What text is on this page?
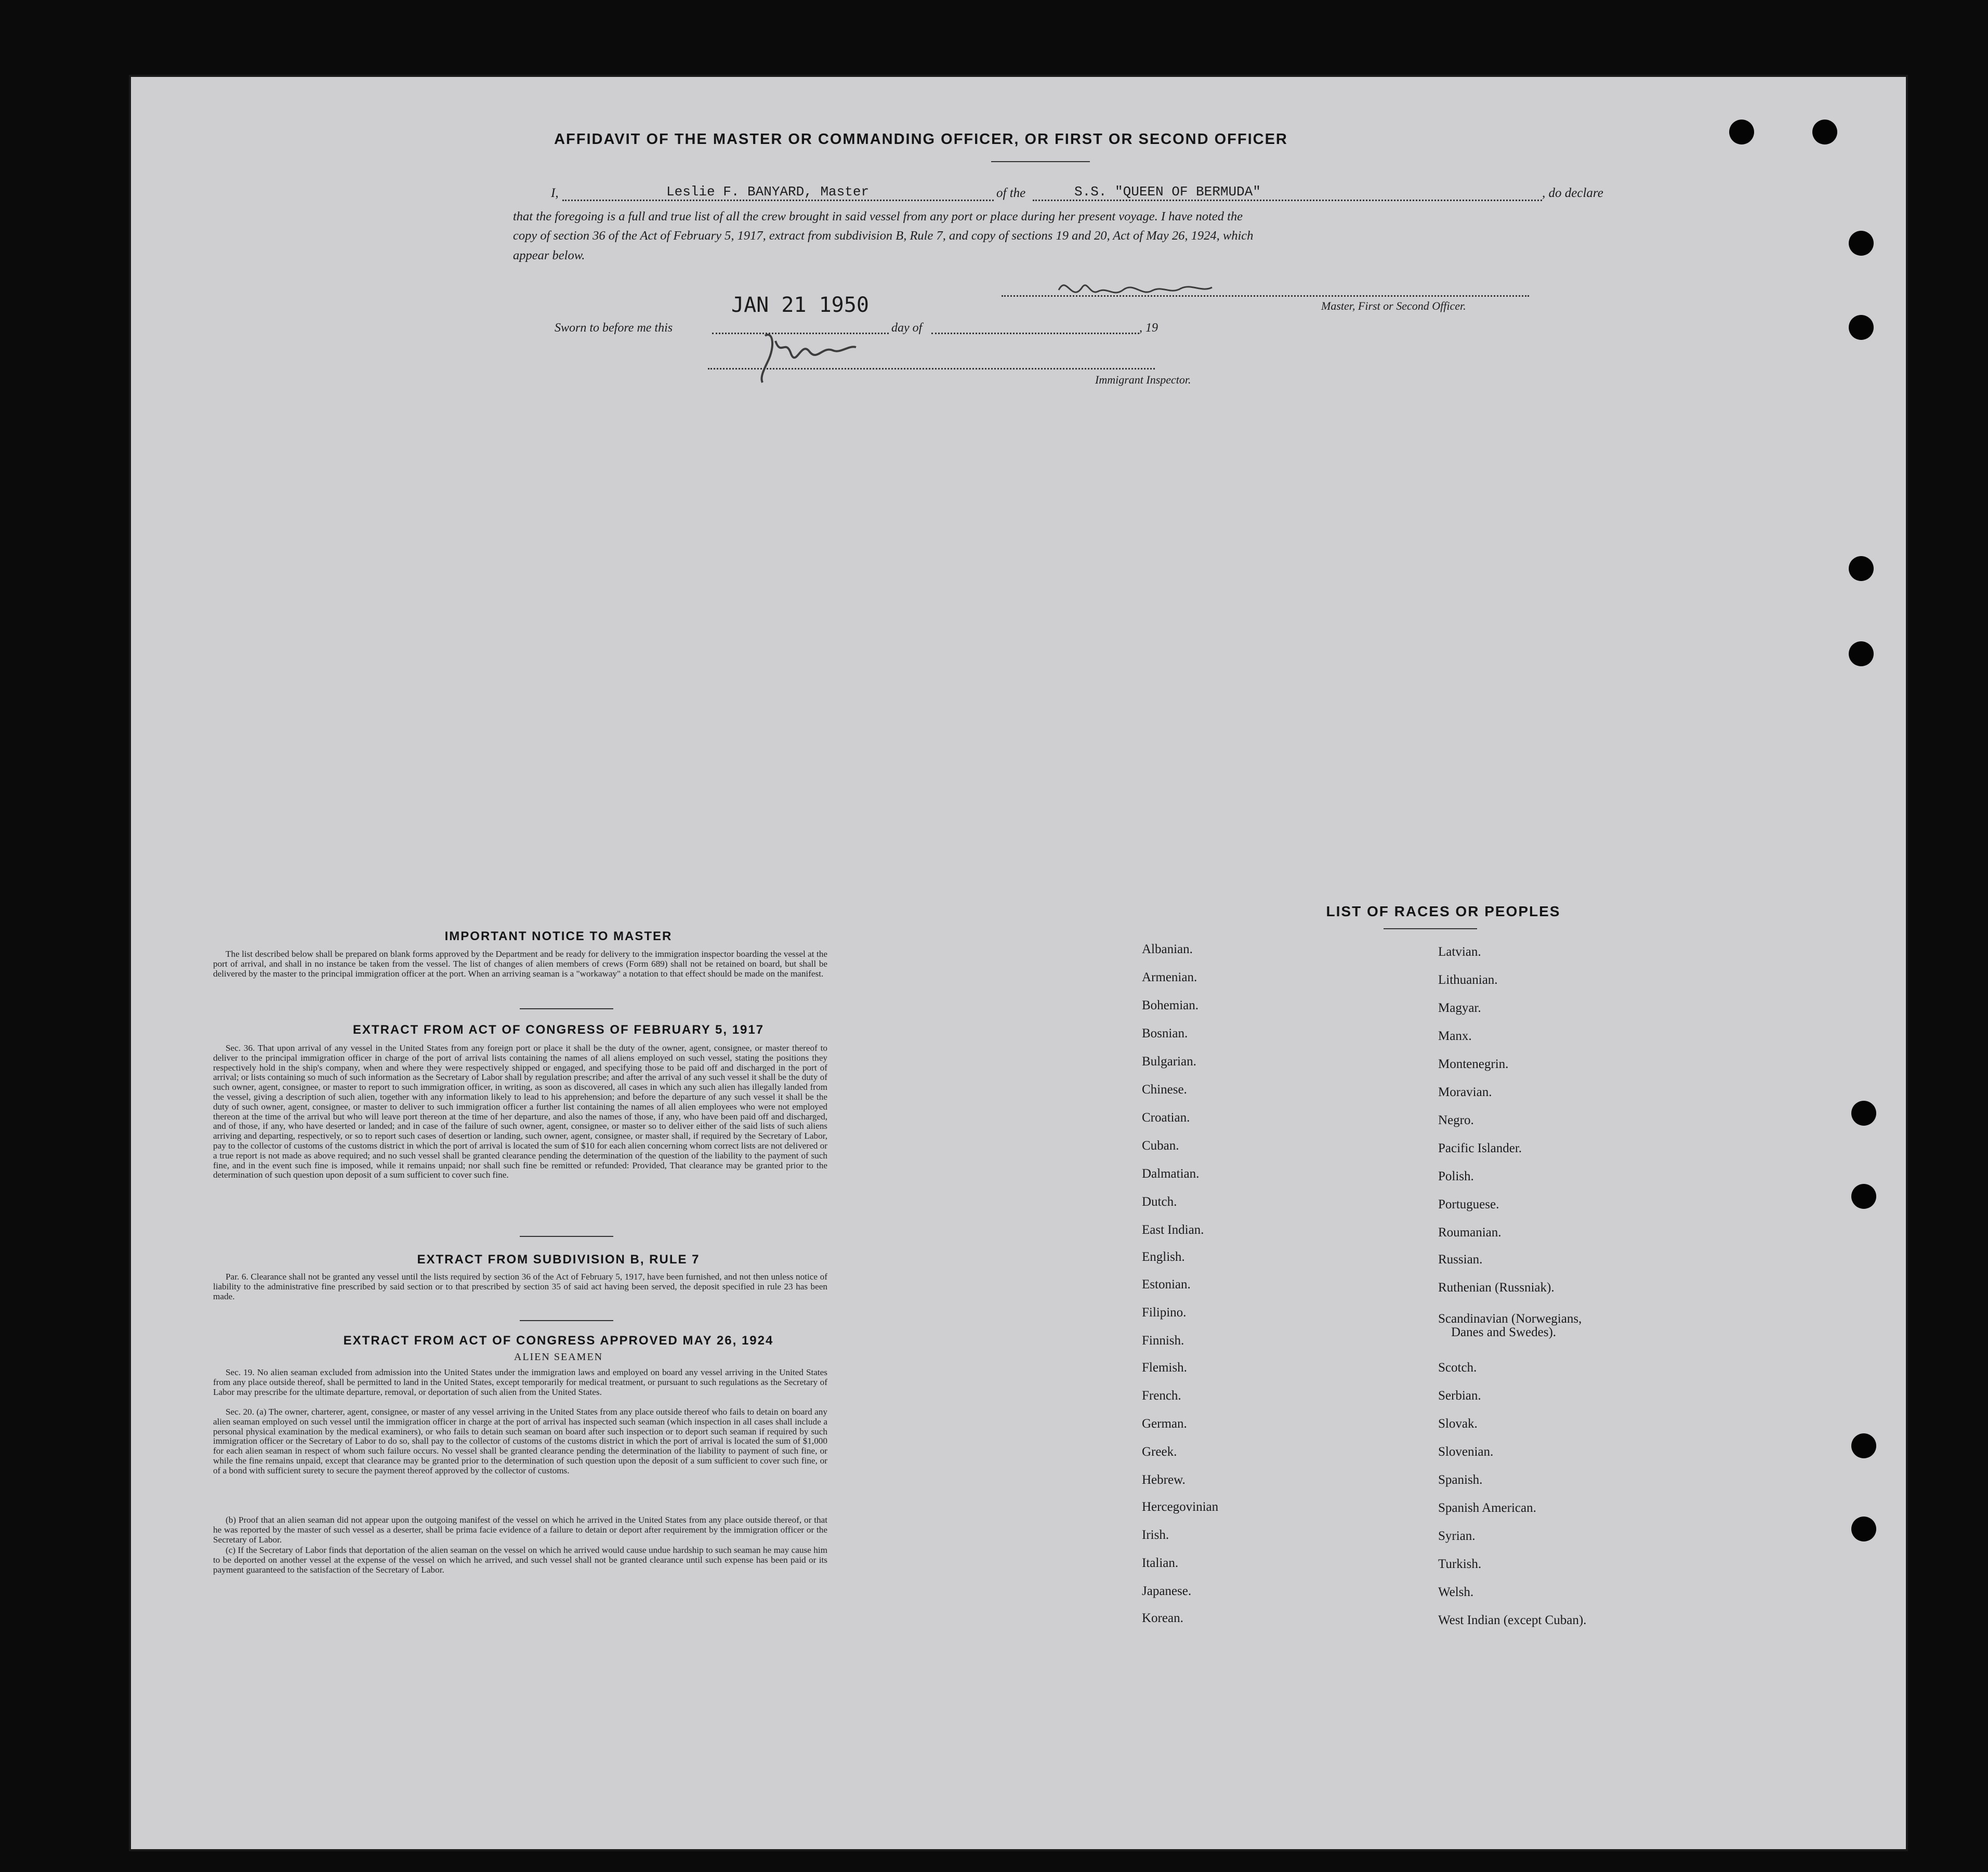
AFFIDAVIT OF THE MASTER OR COMMANDING OFFICER, OR FIRST OR SECOND OFFICER
I,	Leslie F. BANYARD, Master	of the	S.S. "QUEEN OF BERMUDA"	, do declare
that the foregoing is a full and true list of all the crew brought in said vessel from any port or place during her present voyage. I have noted the
copy of section 36 of the Act of February 5, 1917, extract from subdivision B, Rule 7, and copy of sections 19 and 20, Act of May 26, 1924, which
appear below.
Master, First or Second Officer.
JAN 21 1950
Sworn to before me this	day of	, 19
Immigrant Inspector.
IMPORTANT NOTICE TO MASTER
The list described below shall be prepared on blank forms approved by the Department and be ready for delivery to the immigration inspector boarding the vessel at the port of arrival, and shall in no instance be taken from the vessel. The list of changes of alien members of crews (Form 689) shall not be retained on board, but shall be delivered by the master to the principal immigration officer at the port. When an arriving seaman is a "workaway" a notation to that effect should be made on the manifest.
EXTRACT FROM ACT OF CONGRESS OF FEBRUARY 5, 1917
Sec. 36. That upon arrival of any vessel in the United States from any foreign port or place it shall be the duty of the owner, agent, consignee, or master thereof to deliver to the principal immigration officer in charge of the port of arrival lists containing the names of all aliens employed on such vessel, stating the positions they respectively hold in the ship's company, when and where they were respectively shipped or engaged, and specifying those to be paid off and discharged in the port of arrival; or lists containing so much of such information as the Secretary of Labor shall by regulation prescribe; and after the arrival of any such vessel it shall be the duty of such owner, agent, consignee, or master to report to such immigration officer, in writing, as soon as discovered, all cases in which any such alien has illegally landed from the vessel, giving a description of such alien, together with any information likely to lead to his apprehension; and before the departure of any such vessel it shall be the duty of such owner, agent, consignee, or master to deliver to such immigration officer a further list containing the names of all alien employees who were not employed thereon at the time of the arrival but who will leave port thereon at the time of her departure, and also the names of those, if any, who have been paid off and discharged, and of those, if any, who have deserted or landed; and in case of the failure of such owner, agent, consignee, or master so to deliver either of the said lists of such aliens arriving and departing, respectively, or so to report such cases of desertion or landing, such owner, agent, consignee, or master shall, if required by the Secretary of Labor, pay to the collector of customs of the customs district in which the port of arrival is located the sum of $10 for each alien concerning whom correct lists are not delivered or a true report is not made as above required; and no such vessel shall be granted clearance pending the determination of the question of the liability to the payment of such fine, and in the event such fine is imposed, while it remains unpaid; nor shall such fine be remitted or refunded: Provided, That clearance may be granted prior to the determination of such question upon deposit of a sum sufficient to cover such fine.
EXTRACT FROM SUBDIVISION B, RULE 7
Par. 6. Clearance shall not be granted any vessel until the lists required by section 36 of the Act of February 5, 1917, have been furnished, and not then unless notice of liability to the administrative fine prescribed by said section or to that prescribed by section 35 of said act having been served, the deposit specified in rule 23 has been made.
EXTRACT FROM ACT OF CONGRESS APPROVED MAY 26, 1924
ALIEN SEAMEN
Sec. 19. No alien seaman excluded from admission into the United States under the immigration laws and employed on board any vessel arriving in the United States from any place outside thereof, shall be permitted to land in the United States, except temporarily for medical treatment, or pursuant to such regulations as the Secretary of Labor may prescribe for the ultimate departure, removal, or deportation of such alien from the United States.
Sec. 20. (a) The owner, charterer, agent, consignee, or master of any vessel arriving in the United States from any place outside thereof who fails to detain on board any alien seaman employed on such vessel until the immigration officer in charge at the port of arrival has inspected such seaman (which inspection in all cases shall include a personal physical examination by the medical examiners), or who fails to detain such seaman on board after such inspection or to deport such seaman if required by such immigration officer or the Secretary of Labor to do so, shall pay to the collector of customs of the customs district in which the port of arrival is located the sum of $1,000 for each alien seaman in respect of whom such failure occurs. No vessel shall be granted clearance pending the determination of the liability to payment of such fine, or while the fine remains unpaid, except that clearance may be granted prior to the determination of such question upon the deposit of a sum sufficient to cover such fine, or of a bond with sufficient surety to secure the payment thereof approved by the collector of customs.
(b) Proof that an alien seaman did not appear upon the outgoing manifest of the vessel on which he arrived in the United States from any place outside thereof, or that he was reported by the master of such vessel as a deserter, shall be prima facie evidence of a failure to detain or deport after requirement by the immigration officer or the Secretary of Labor.
(c) If the Secretary of Labor finds that deportation of the alien seaman on the vessel on which he arrived would cause undue hardship to such seaman he may cause him to be deported on another vessel at the expense of the vessel on which he arrived, and such vessel shall not be granted clearance until such expense has been paid or its payment guaranteed to the satisfaction of the Secretary of Labor.
LIST OF RACES OR PEOPLES
Albanian.
Armenian.
Bohemian.
Bosnian.
Bulgarian.
Chinese.
Croatian.
Cuban.
Dalmatian.
Dutch.
East Indian.
English.
Estonian.
Filipino.
Finnish.
Flemish.
French.
German.
Greek.
Hebrew.
Hercegovinian
Irish.
Italian.
Japanese.
Korean.
Latvian.
Lithuanian.
Magyar.
Manx.
Montenegrin.
Moravian.
Negro.
Pacific Islander.
Polish.
Portuguese.
Roumanian.
Russian.
Ruthenian (Russniak).
Scandinavian (Norwegians,
Danes and Swedes).
Scotch.
Serbian.
Slovak.
Slovenian.
Spanish.
Spanish American.
Syrian.
Turkish.
Welsh.
West Indian (except Cuban).
